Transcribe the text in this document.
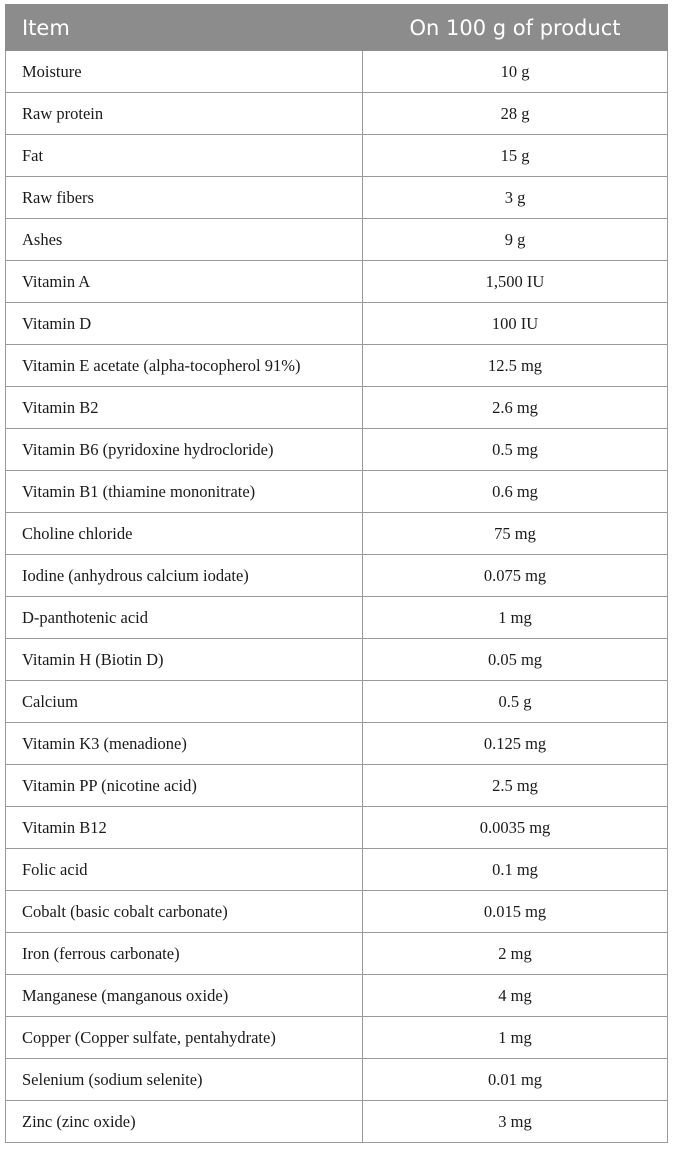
Item	On 100 g of product
Moisture	10 g
Raw protein	28 g
Fat	15 g
Raw fibers	3 g
Ashes	9 g
Vitamin A	1,500 IU
Vitamin D	100 IU
Vitamin E acetate (alpha-tocopherol 91%)	12.5 mg
Vitamin B2	2.6 mg
Vitamin B6 (pyridoxine hydrocloride)	0.5 mg
Vitamin B1 (thiamine mononitrate)	0.6 mg
Choline chloride	75 mg
Iodine (anhydrous calcium iodate)	0.075 mg
D-panthotenic acid	1 mg
Vitamin H (Biotin D)	0.05 mg
Calcium	0.5 g
Vitamin K3 (menadione)	0.125 mg
Vitamin PP (nicotine acid)	2.5 mg
Vitamin B12	0.0035 mg
Folic acid	0.1 mg
Cobalt (basic cobalt carbonate)	0.015 mg
Iron (ferrous carbonate)	2 mg
Manganese (manganous oxide)	4 mg
Copper (Copper sulfate, pentahydrate)	1 mg
Selenium (sodium selenite)	0.01 mg
Zinc (zinc oxide)	3 mg
